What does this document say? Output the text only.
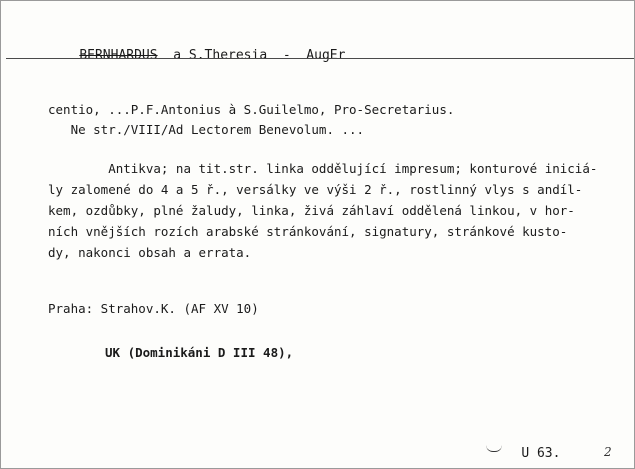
BERNHARDUS  a S.Theresia  -  AugEr

centio, ...P.F.Antonius à S.Guilelmo, Pro-Secretarius.
Ne str./VIII/Ad Lectorem Benevolum. ...
Antikva; na tit.str. linka oddělující impresum; konturové iniciá-
ly zalomené do 4 a 5 ř., versálky ve výši 2 ř., rostlinný vlys s andíl-
kem, ozdůbky, plné žaludy, linka, živá záhlaví oddělená linkou, v hor-
ních vnějších rozích arabské stránkování, signatury, stránkové kusto-
dy, nakonci obsah a errata.
Praha: Strahov.K. (AF XV 10)
UK (Dominikáni D III 48),

U 63.

	2
